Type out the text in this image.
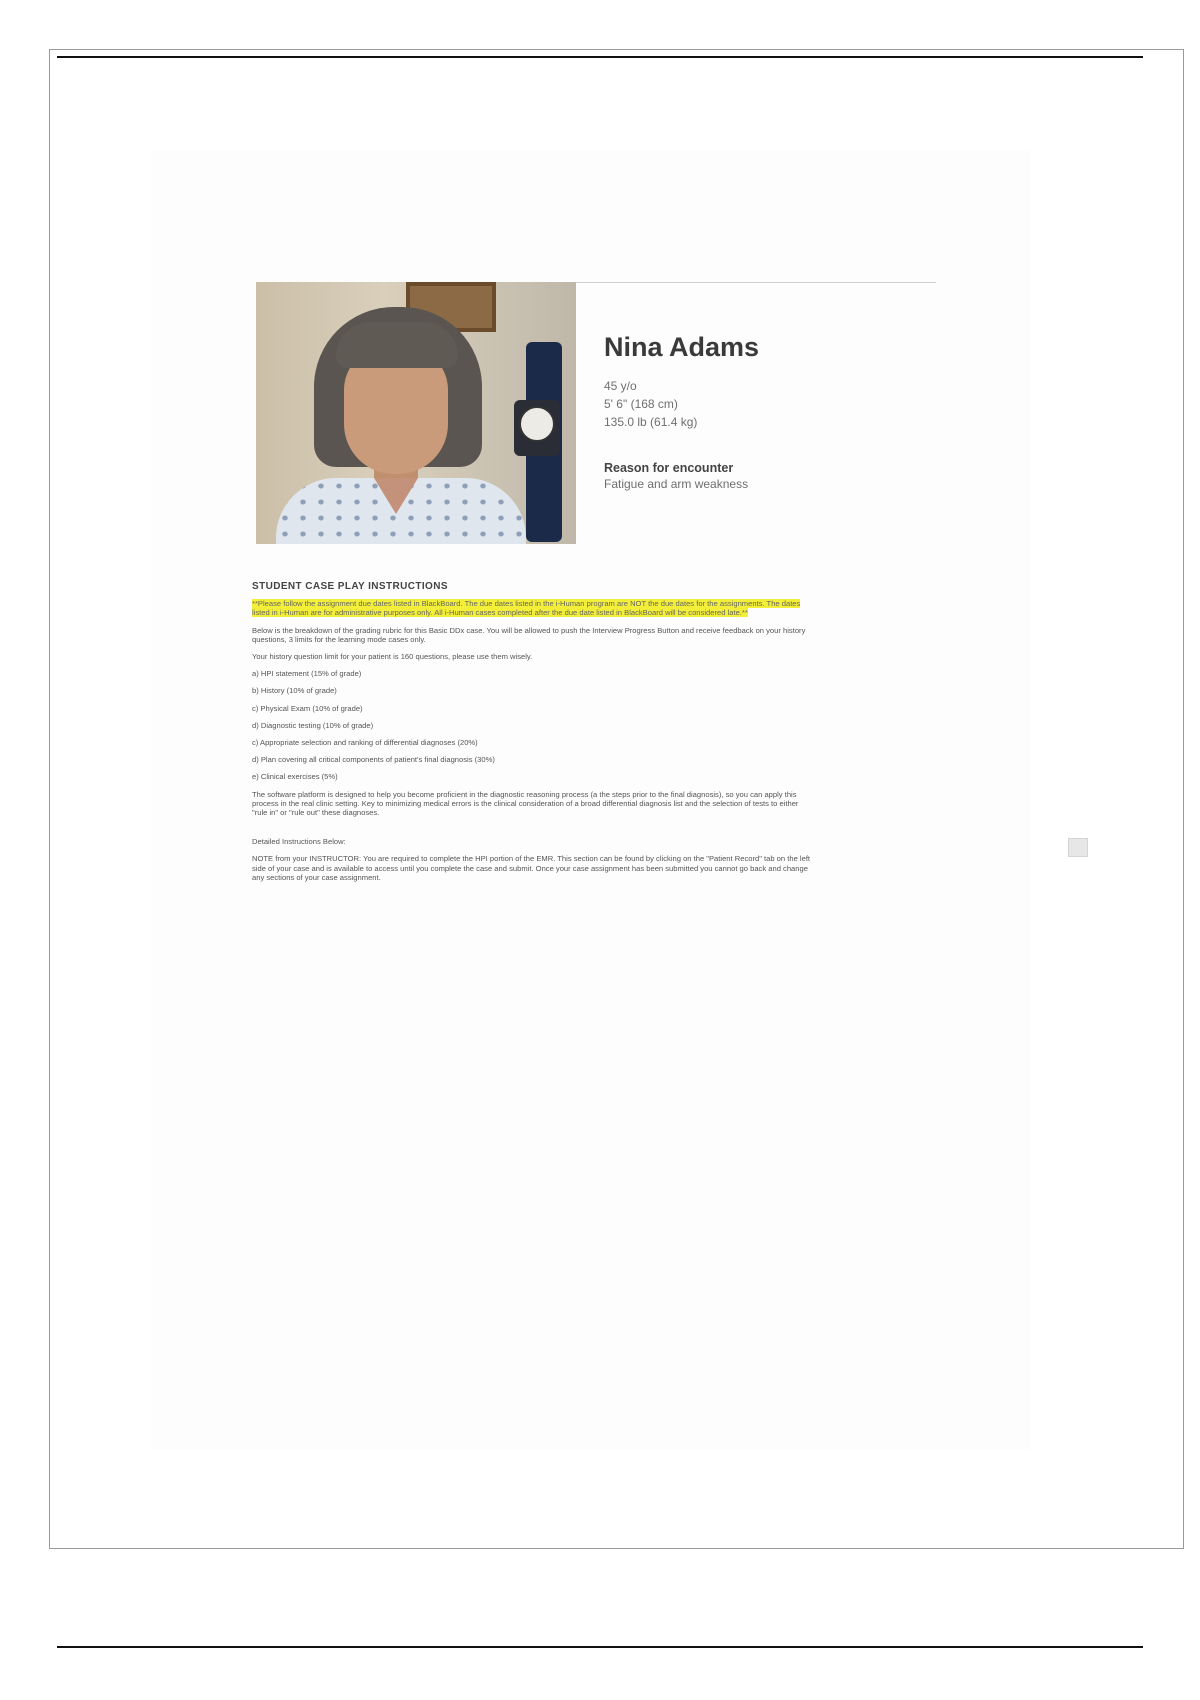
Nina Adams
45 y/o
5' 6" (168 cm)
135.0 lb (61.4 kg)
Reason for encounter
Fatigue and arm weakness
STUDENT CASE PLAY INSTRUCTIONS

**Please follow the assignment due dates listed in BlackBoard. The due dates listed in the i-Human program are NOT the due dates for the assignments. The dates listed in i-Human are for administrative purposes only. All i-Human cases completed after the due date listed in BlackBoard will be considered late.**

Below is the breakdown of the grading rubric for this Basic DDx case. You will be allowed to push the Interview Progress Button and receive feedback on your history questions, 3 limits for the learning mode cases only.

Your history question limit for your patient is 160 questions, please use them wisely.

a) HPI statement (15% of grade)
b) History (10% of grade)
c) Physical Exam (10% of grade)
d) Diagnostic testing (10% of grade)
c) Appropriate selection and ranking of differential diagnoses (20%)
d) Plan covering all critical components of patient's final diagnosis (30%)
e) Clinical exercises (5%)

The software platform is designed to help you become proficient in the diagnostic reasoning process (a the steps prior to the final diagnosis), so you can apply this process in the real clinic setting. Key to minimizing medical errors is the clinical consideration of a broad differential diagnosis list and the selection of tests to either "rule in" or "rule out" these diagnoses.

Detailed Instructions Below:

NOTE from your INSTRUCTOR: You are required to complete the HPI portion of the EMR. This section can be found by clicking on the "Patient Record" tab on the left side of your case and is available to access until you complete the case and submit. Once your case assignment has been submitted you cannot go back and change any sections of your case assignment.
